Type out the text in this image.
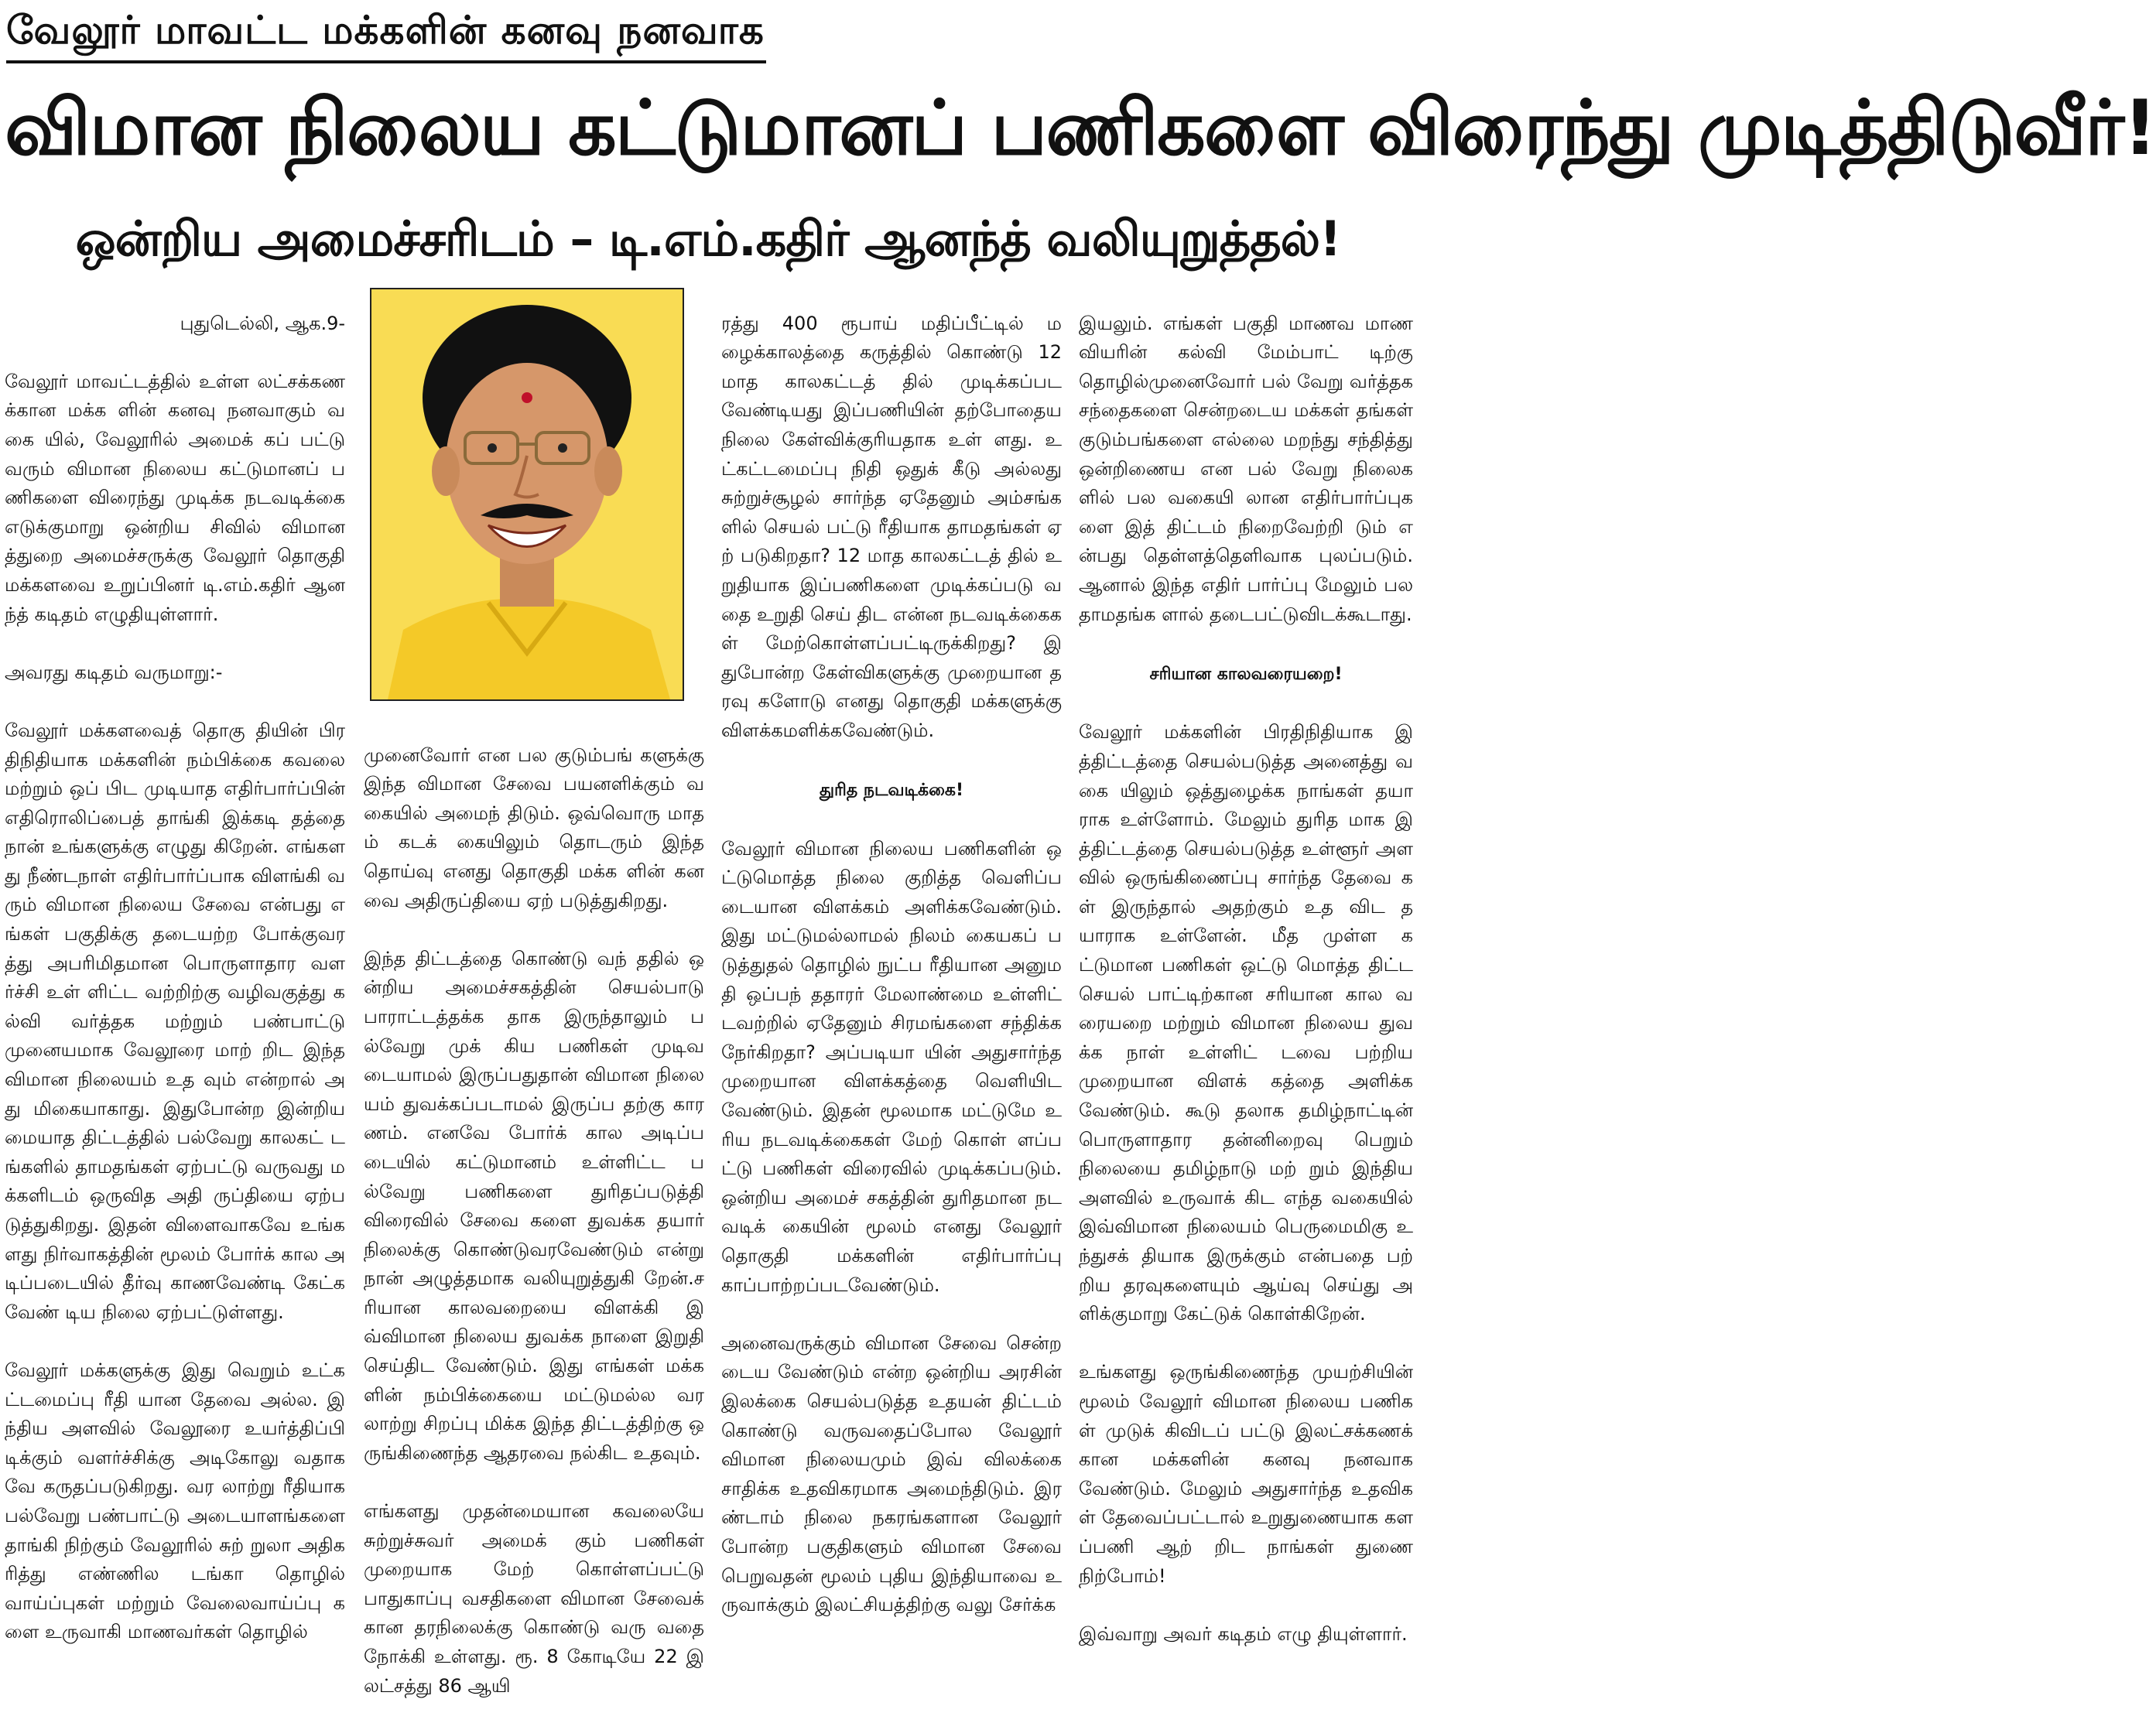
வேலூர் மாவட்ட மக்களின் கனவு நனவாக
விமான நிலைய கட்டுமானப் பணிகளை விரைந்து முடித்திடுவீர்!
ஒன்றிய அமைச்சரிடம் – டி.எம்.கதிர் ஆனந்த் வலியுறுத்தல்!

புதுடெல்லி, ஆக.9-

வேலூர் மாவட்டத்தில் உள்ள லட்சக்கணக்கான மக்க ளின் கனவு நனவாகும் வகை யில், வேலூரில் அமைக் கப் பட்டு வரும் விமான நிலைய கட்டுமானப் பணிகளை விரைந்து முடிக்க நடவடிக்கை எடுக்குமாறு ஒன்றிய சிவில் விமானத்துறை அமைச்சருக்கு வேலூர் தொகுதி மக்களவை உறுப்பினர் டி.எம்.கதிர் ஆனந்த் கடிதம் எழுதியுள்ளார்.

அவரது கடிதம் வருமாறு:-

வேலூர் மக்களவைத் தொகு தியின் பிரதிநிதியாக மக்களின் நம்பிக்கை கவலை மற்றும் ஒப் பிட முடியாத எதிர்பார்ப்பின் எதிரொலிப்பைத் தாங்கி இக்கடி தத்தை நான் உங்களுக்கு எழுது கிறேன். எங்களது நீண்டநாள் எதிர்பார்ப்பாக விளங்கி வரும் விமான நிலைய சேவை என்பது எங்கள் பகுதிக்கு தடையற்ற போக்குவரத்து அபரிமிதமான பொருளாதார வளர்ச்சி உள் ளிட்ட வற்றிற்கு வழிவகுத்து கல்வி வர்த்தக மற்றும் பண்பாட்டு முனையமாக வேலூரை மாற் றிட இந்த விமான நிலையம் உத வும் என்றால் அது மிகையாகாது. இதுபோன்ற இன்றியமையாத திட்டத்தில் பல்வேறு காலகட் டங்களில் தாமதங்கள் ஏற்பட்டு வருவது மக்களிடம் ஒருவித அதி ருப்தியை ஏற்படுத்துகிறது. இதன் விளைவாகவே உங்களது நிர்வாகத்தின் மூலம் போர்க் கால அடிப்படையில் தீர்வு காணவேண்டி கேட்கவேண் டிய நிலை ஏற்பட்டுள்ளது.

வேலூர் மக்களுக்கு இது வெறும் உட்கட்டமைப்பு ரீதி யான தேவை அல்ல. இந்திய அளவில் வேலூரை உயர்த்திப்பி டிக்கும் வளர்ச்சிக்கு அடிகோலு வதாகவே கருதப்படுகிறது. வர லாற்று ரீதியாக பல்வேறு பண்பாட்டு அடையாளங்களை தாங்கி நிற்கும் வேலூரில் சுற் றுலா அதிகரித்து எண்ணில டங்கா தொழில் வாய்ப்புகள் மற்றும் வேலைவாய்ப்பு களை உருவாகி மாணவர்கள் தொழில்

முனைவோர் என பல குடும்பங் களுக்கு இந்த விமான சேவை பயனளிக்கும் வகையில் அமைந் திடும். ஒவ்வொரு மாதம் கடக் கையிலும் தொடரும் இந்த தொய்வு எனது தொகுதி மக்க ளின் கனவை அதிருப்தியை ஏற் படுத்துகிறது.

இந்த திட்டத்தை கொண்டு வந் ததில் ஒன்றிய அமைச்சகத்தின் செயல்பாடு பாராட்டத்தக்க தாக இருந்தாலும் பல்வேறு முக் கிய பணிகள் முடிவடையாமல் இருப்பதுதான் விமான நிலை யம் துவக்கப்படாமல் இருப்ப தற்கு காரணம். எனவே போர்க் கால அடிப்படையில் கட்டுமானம் உள்ளிட்ட பல்வேறு பணிகளை துரிதப்படுத்தி விரைவில் சேவை களை துவக்க தயார் நிலைக்கு கொண்டுவரவேண்டும் என்று நான் அழுத்தமாக வலியுறுத்துகி றேன்.சரியான காலவறையை விளக்கி இவ்விமான நிலைய துவக்க நாளை இறுதி செய்திட வேண்டும். இது எங்கள் மக்க ளின் நம்பிக்கையை மட்டுமல்ல வரலாற்று சிறப்பு மிக்க இந்த திட்டத்திற்கு ஒருங்கிணைந்த ஆதரவை நல்கிட உதவும்.

எங்களது முதன்மையான கவலையே சுற்றுச்சுவர் அமைக் கும் பணிகள் முறையாக மேற் கொள்ளப்பட்டு பாதுகாப்பு வசதிகளை விமான சேவைக் கான தரநிலைக்கு கொண்டு வரு வதை நோக்கி உள்ளது. ரூ. 8 கோடியே 22 இலட்சத்து 86 ஆயி

ரத்து 400 ரூபாய் மதிப்பீட்டில் மழைக்காலத்தை கருத்தில் கொண்டு 12 மாத காலகட்டத் தில் முடிக்கப்படவேண்டியது இப்பணியின் தற்போதைய நிலை கேள்விக்குரியதாக உள் ளது. உட்கட்டமைப்பு நிதி ஒதுக் கீடு அல்லது சுற்றுச்சூழல் சார்ந்த ஏதேனும் அம்சங்களில் செயல் பட்டு ரீதியாக தாமதங்கள் ஏற் படுகிறதா? 12 மாத காலகட்டத் தில் உறுதியாக இப்பணிகளை முடிக்கப்படு வதை உறுதி செய் திட என்ன நடவடிக்கைகள் மேற்கொள்ளப்பட்டிருக்கிறது? இதுபோன்ற கேள்விகளுக்கு முறையான தரவு களோடு எனது தொகுதி மக்களுக்கு விளக்கமளிக்கவேண்டும்.

துரித நடவடிக்கை!

வேலூர் விமான நிலைய பணிகளின் ஒட்டுமொத்த நிலை குறித்த வெளிப்படையான விளக்கம் அளிக்கவேண்டும். இது மட்டுமல்லாமல் நிலம் கையகப் படுத்துதல் தொழில் நுட்ப ரீதியான அனுமதி ஒப்பந் ததாரர் மேலாண்மை உள்ளிட் டவற்றில் ஏதேனும் சிரமங்களை சந்திக்க நேர்கிறதா? அப்படியா யின் அதுசார்ந்த முறையான விளக்கத்தை வெளியிட வேண்டும். இதன் மூலமாக மட்டுமே உரிய நடவடிக்கைகள் மேற் கொள் ளப்பட்டு பணிகள் விரைவில் முடிக்கப்படும். ஒன்றிய அமைச் சகத்தின் துரிதமான நடவடிக் கையின் மூலம் எனது வேலூர் தொகுதி மக்களின் எதிர்பார்ப்பு காப்பாற்றப்படவேண்டும்.

அனைவருக்கும் விமான சேவை சென்றடைய வேண்டும் என்ற ஒன்றிய அரசின் இலக்கை செயல்படுத்த உதயன் திட்டம் கொண்டு வருவதைப்போல வேலூர் விமான நிலையமும் இவ் விலக்கை சாதிக்க உதவிகரமாக அமைந்திடும். இரண்டாம் நிலை நகரங்களான வேலூர் போன்ற பகுதிகளும் விமான சேவை பெறுவதன் மூலம் புதிய இந்தியாவை உருவாக்கும் இலட்சியத்திற்கு வலு சேர்க்க

இயலும். எங்கள் பகுதி மாணவ மாணவியரின் கல்வி மேம்பாட் டிற்கு தொழில்முனைவோர் பல் வேறு வர்த்தக சந்தைகளை சென்றடைய மக்கள் தங்கள் குடும்பங்களை எல்லை மறந்து சந்தித்து ஒன்றிணைய என பல் வேறு நிலைகளில் பல வகையி லான எதிர்பார்ப்புகளை இத் திட்டம் நிறைவேற்றி டும் என்பது தெள்ளத்தெளிவாக புலப்படும். ஆனால் இந்த எதிர் பார்ப்பு மேலும் பல தாமதங்க ளால் தடைபட்டுவிடக்கூடாது.

சரியான காலவரையறை!

வேலூர் மக்களின் பிரதிநிதியாக இத்திட்டத்தை செயல்படுத்த அனைத்து வகை யிலும் ஒத்துழைக்க நாங்கள் தயா ராக உள்ளோம். மேலும் துரித மாக இத்திட்டத்தை செயல்படுத்த உள்ளூர் அளவில் ஒருங்கிணைப்பு சார்ந்த தேவை கள் இருந்தால் அதற்கும் உத விட தயாராக உள்ளேன். மீத முள்ள கட்டுமான பணிகள் ஒட்டு மொத்த திட்ட செயல் பாட்டிற்கான சரியான கால வரையறை மற்றும் விமான நிலைய துவக்க நாள் உள்ளிட் டவை பற்றிய முறையான விளக் கத்தை அளிக்கவேண்டும். கூடு தலாக தமிழ்நாட்டின் பொருளாதார தன்னிறைவு பெறும் நிலையை தமிழ்நாடு மற் றும் இந்திய அளவில் உருவாக் கிட எந்த வகையில் இவ்விமான நிலையம் பெருமைமிகு உந்துசக் தியாக இருக்கும் என்பதை பற் றிய தரவுகளையும் ஆய்வு செய்து அளிக்குமாறு கேட்டுக் கொள்கிறேன்.

உங்களது ஒருங்கிணைந்த முயற்சியின் மூலம் வேலூர் விமான நிலைய பணிகள் முடுக் கிவிடப் பட்டு இலட்சக்கணக் கான மக்களின் கனவு நனவாக வேண்டும். மேலும் அதுசார்ந்த உதவிகள் தேவைப்பட்டால் உறுதுணையாக களப்பணி ஆற் றிட நாங்கள் துணை நிற்போம்!

இவ்வாறு அவர் கடிதம் எழு தியுள்ளார்.
